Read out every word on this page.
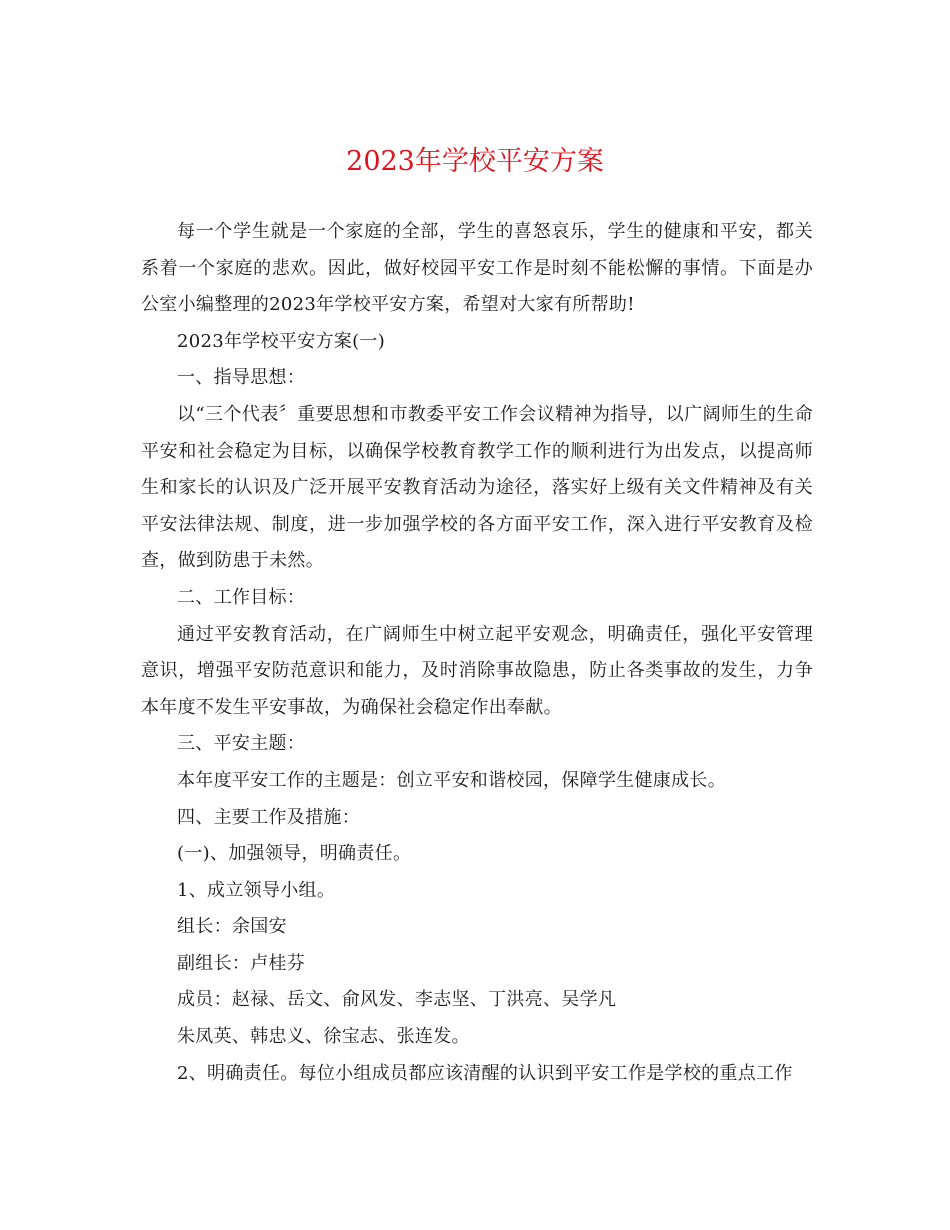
2023年学校平安方案

每一个学生就是一个家庭的全部，学生的喜怒哀乐，学生的健康和平安，都关系着一个家庭的悲欢。因此，做好校园平安工作是时刻不能松懈的事情。下面是办公室小编整理的2023年学校平安方案，希望对大家有所帮助!

2023年学校平安方案(一)

一、指导思想：

以“三个代表〞重要思想和市教委平安工作会议精神为指导，以广阔师生的生命平安和社会稳定为目标，以确保学校教育教学工作的顺利进行为出发点，以提高师生和家长的认识及广泛开展平安教育活动为途径，落实好上级有关文件精神及有关平安法律法规、制度，进一步加强学校的各方面平安工作，深入进行平安教育及检查，做到防患于未然。

二、工作目标：

通过平安教育活动，在广阔师生中树立起平安观念，明确责任，强化平安管理意识，增强平安防范意识和能力，及时消除事故隐患，防止各类事故的发生，力争本年度不发生平安事故，为确保社会稳定作出奉献。

三、平安主题：

本年度平安工作的主题是：创立平安和谐校园，保障学生健康成长。

四、主要工作及措施：

(一)、加强领导，明确责任。

1、成立领导小组。

组长：余国安

副组长：卢桂芬

成员：赵禄、岳文、俞风发、李志坚、丁洪亮、吴学凡

朱凤英、韩忠义、徐宝志、张连发。

2、明确责任。每位小组成员都应该清醒的认识到平安工作是学校的重点工作
